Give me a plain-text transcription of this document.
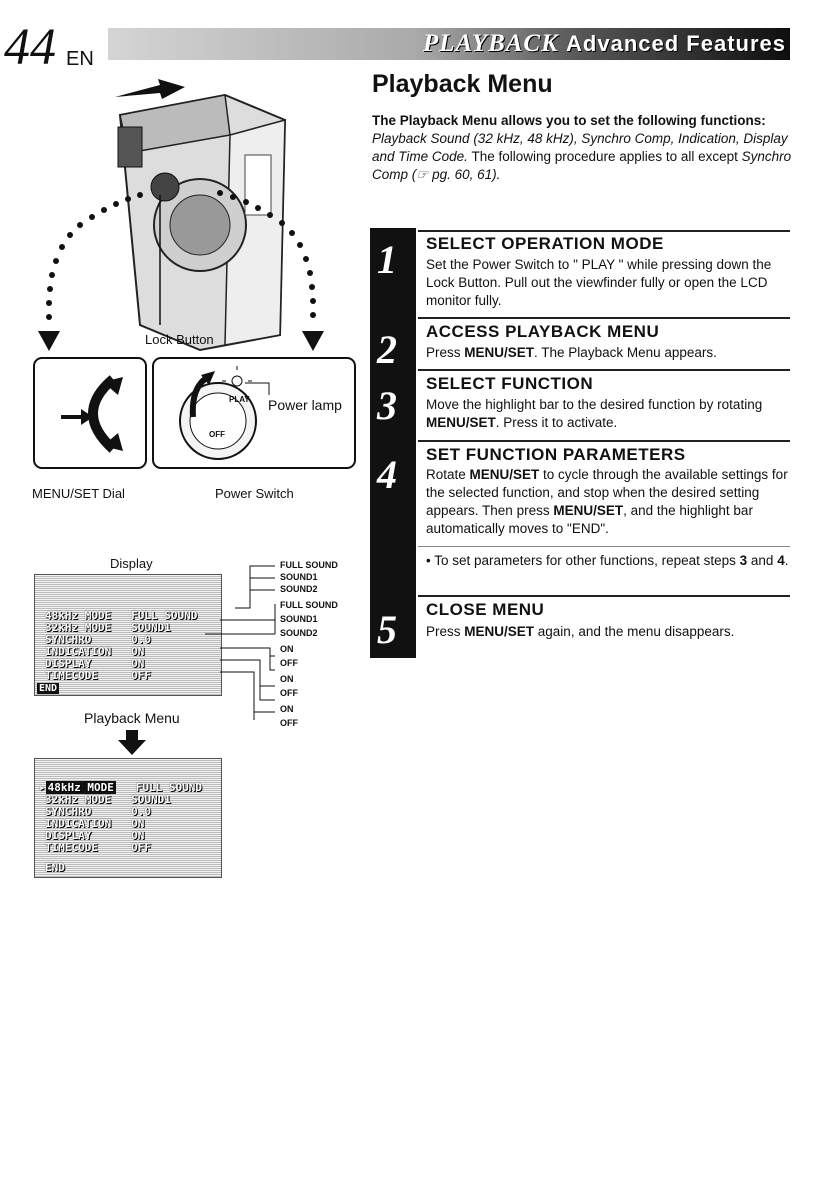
44 EN
PLAYBACK Advanced Features
Playback Menu
The Playback Menu allows you to set the following functions:
Playback Sound (32 kHz, 48 kHz), Synchro Comp, Indication, Display and Time Code. The following procedure applies to all except Synchro Comp (☞ pg. 60, 61).
1 SELECT OPERATION MODE
Set the Power Switch to " PLAY " while pressing down the Lock Button. Pull out the viewfinder fully or open the LCD monitor fully.
2 ACCESS PLAYBACK MENU
Press MENU/SET. The Playback Menu appears.
3 SELECT FUNCTION
Move the highlight bar to the desired function by rotating MENU/SET. Press it to activate.
4 SET FUNCTION PARAMETERS
Rotate MENU/SET to cycle through the available settings for the selected function, and stop when the desired setting appears. Then press MENU/SET, and the highlight bar automatically moves to "END".
• To set parameters for other functions, repeat steps 3 and 4.
5 CLOSE MENU
Press MENU/SET again, and the menu disappears.
Lock Button
PLAY
OFF
Power lamp
MENU/SET Dial	Power Switch
Display
48kHz MODE FULL SOUND
32kHz MODE SOUND1
SYNCHRO	0.0
INDICATION ON
DISPLAY	ON
TIMECODE	OFF
END
Playback Menu
FULL SOUND
SOUND1
SOUND2
FULL SOUND
SOUND1
SOUND2
ON
OFF
ON
OFF
ON
OFF
▸ 48kHz MODE FULL SOUND
32kHz MODE SOUND1
SYNCHRO	0.0
INDICATION ON
DISPLAY	ON
TIMECODE	OFF
END
